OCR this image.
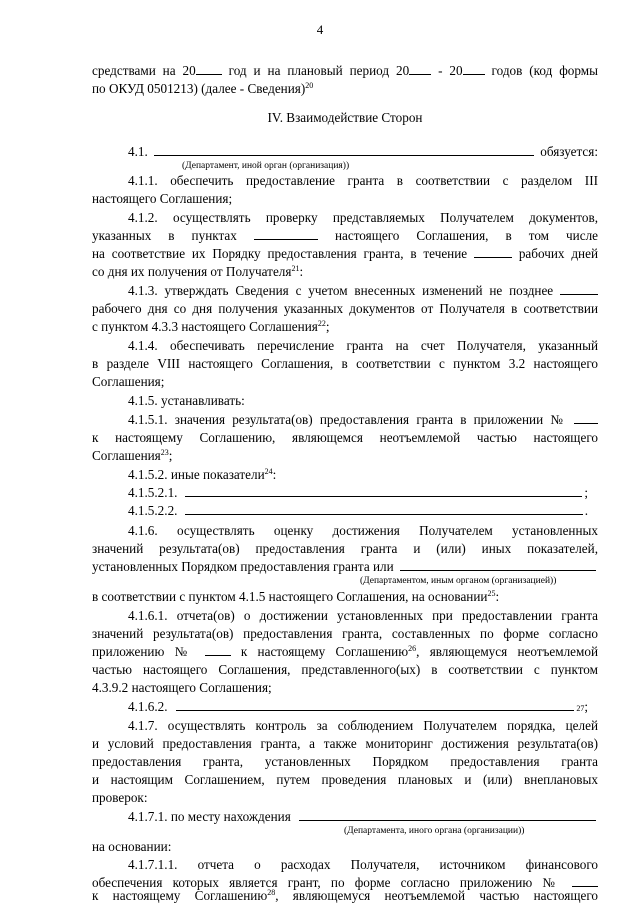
4
средствами на 20 год и на плановый период 20 - 20 годов (код формы
по ОКУД 0501213) (далее - Сведения)$^{20}$
IV. Взаимодействие Сторон
4.1.	обязуется:
(Департамент, иной орган (организация))
4.1.1. обеспечить предоставление гранта в соответствии с разделом III
настоящего Соглашения;
4.1.2. осуществлять проверку представляемых Получателем документов,
указанных в пунктах	настоящего Соглашения, в том числе
на соответствие их Порядку предоставления гранта, в течение	рабочих дней
со дня их получения от Получателя$^{21}$:
4.1.3. утверждать Сведения с учетом внесенных изменений не позднее
рабочего дня со дня получения указанных документов от Получателя в соответствии
с пунктом 4.3.3 настоящего Соглашения$^{22}$;
4.1.4. обеспечивать перечисление гранта на счет Получателя, указанный
в разделе VIII настоящего Соглашения, в соответствии с пунктом 3.2 настоящего
Соглашения;
4.1.5. устанавливать:
4.1.5.1. значения результата(ов) предоставления гранта в приложении №
к настоящему Соглашению, являющемся неотъемлемой частью настоящего
Соглашения$^{23}$;
4.1.5.2. иные показатели$^{24}$:
4.1.5.2.1.	;
4.1.5.2.2.	.
4.1.6. осуществлять оценку достижения Получателем установленных
значений результата(ов) предоставления гранта и (или) иных показателей,
установленных Порядком предоставления гранта или
(Департаментом, иным органом (организацией))
в соответствии с пунктом 4.1.5 настоящего Соглашения, на основании$^{25}$:
4.1.6.1. отчета(ов) о достижении установленных при предоставлении гранта
значений результата(ов) предоставления гранта, составленных по форме согласно
приложению №	к настоящему Соглашению$^{26}$, являющемуся неотъемлемой
частью настоящего Соглашения, представленного(ых) в соответствии с пунктом
4.3.9.2 настоящего Соглашения;
4.1.6.2.	27 ;
4.1.7. осуществлять контроль за соблюдением Получателем порядка, целей
и условий предоставления гранта, а также мониторинг достижения результата(ов)
предоставления гранта, установленных Порядком предоставления гранта
и настоящим Соглашением, путем проведения плановых и (или) внеплановых
проверок:
4.1.7.1. по месту нахождения
(Департамента, иного органа (организации))
на основании:
4.1.7.1.1. отчета о расходах Получателя, источником финансового
обеспечения которых является грант, по форме согласно приложению №
к настоящему Соглашению$^{28}$, являющемуся неотъемлемой частью настоящего
